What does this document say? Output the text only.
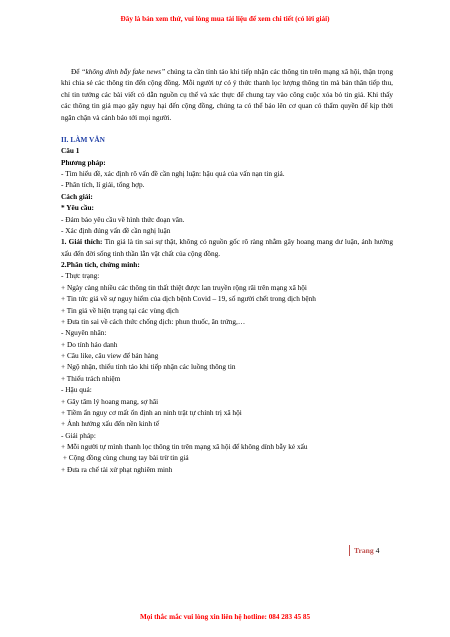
Đây là bản xem thử, vui lòng mua tài liệu để xem chi tiết (có lời giải)

Để “không dính bẫy fake news” chúng ta cần tỉnh táo khi tiếp nhận các thông tin trên mạng xã hội, thận trọng khi chia sẻ các thông tin đến cộng đồng. Mỗi người tự có ý thức thanh lọc lượng thông tin mà bản thân tiếp thu, chỉ tin tưởng các bài viết có dẫn nguồn cụ thể và xác thực để chung tay vào công cuộc xóa bỏ tin giả. Khi thấy các thông tin giả mạo gây nguy hại đến cộng đồng, chúng ta có thể báo lên cơ quan có thẩm quyền để kịp thời ngăn chặn và cảnh báo tới mọi người.

II. LÀM VĂN

Câu 1

Phương pháp:

- Tìm hiểu đề, xác định rõ vấn đề cần nghị luận: hậu quả của vấn nạn tin giả.

- Phân tích, lí giải, tổng hợp.

Cách giải:

* Yêu cầu:

- Đảm bảo yêu cầu về hình thức đoạn văn.

- Xác định đúng vấn đề cần nghị luận

1. Giải thích: Tin giả là tin sai sự thật, không có nguồn gốc rõ ràng nhằm gây hoang mang dư luận, ảnh hưởng xấu đến đời sống tinh thần lẫn vật chất của cộng đồng.

2.Phân tích, chứng minh:

- Thực trạng:

+ Ngày càng nhiều các thông tin thất thiệt được lan truyền rộng rãi trên mạng xã hội

+ Tin tức giả về sự nguy hiểm của dịch bệnh Covid – 19, số người chết trong dịch bệnh

+ Tin giả về hiện trạng tại các vùng dịch

+ Đưa tin sai về cách thức chống dịch: phun thuốc, ăn trứng,…

- Nguyên nhân:

+ Do tính háo danh

+ Câu like, câu view để bán hàng

+ Ngộ nhận, thiếu tỉnh táo khi tiếp nhận các luồng thông tin

+ Thiếu trách nhiệm

- Hậu quả:

+ Gây tâm lý hoang mang, sợ hãi

+ Tiềm ẩn nguy cơ mất ổn định an ninh trật tự chính trị xã hội

+ Ảnh hưởng xấu đến nền kinh tế

- Giải pháp:

+ Mỗi người tự mình thanh lọc thông tin trên mạng xã hội để không dính bẫy kẻ xấu

+ Cộng đồng cùng chung tay bài trừ tin giả

+ Đưa ra chế tài xử phạt nghiêm minh

Trang 4
Mọi thắc mắc vui lòng xin liên hệ hotline: 084 283 45 85
